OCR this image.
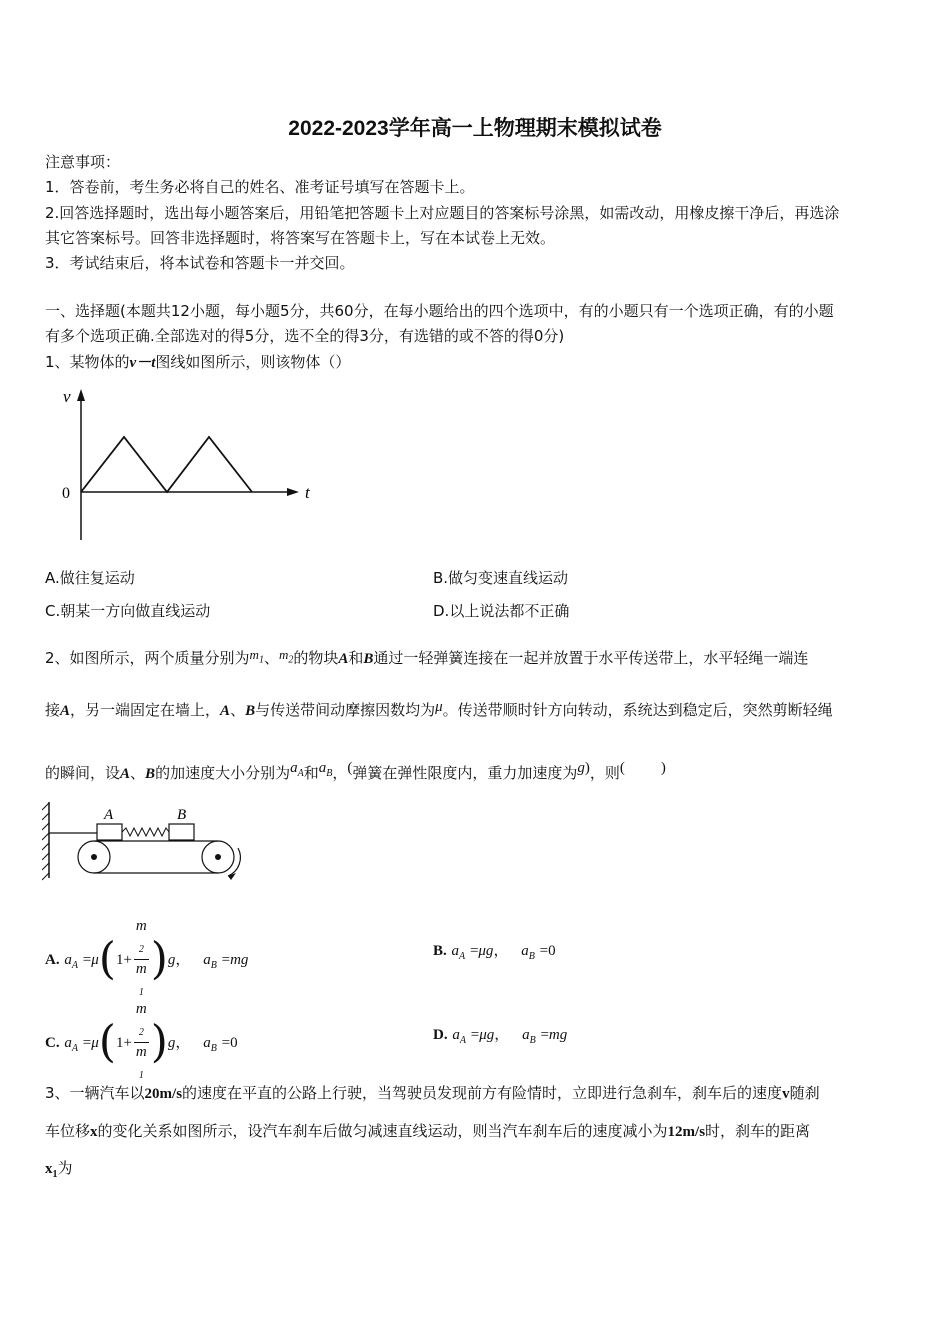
2022-2023学年高一上物理期末模拟试卷
注意事项：
1．答卷前，考生务必将自己的姓名、准考证号填写在答题卡上。
2.回答选择题时，选出每小题答案后，用铅笔把答题卡上对应题目的答案标号涂黑，如需改动，用橡皮擦干净后，再选涂
其它答案标号。回答非选择题时，将答案写在答题卡上，写在本试卷上无效。
3．考试结束后，将本试卷和答题卡一并交回。
一、选择题(本题共12小题，每小题5分，共60分，在每小题给出的四个选项中，有的小题只有一个选项正确，有的小题
有多个选项正确.全部选对的得5分，选不全的得3分，有选错的或不答的得0分)
1、某物体的v－t图线如图所示，则该物体（）
v
t
0
A.做往复运动	B.做匀变速直线运动
C.朝某一方向做直线运动	D.以上说法都不正确
2、如图所示，两个质量分别为$m_1$、$m_2$的物块A和B通过一轻弹簧连接在一起并放置于水平传送带上，水平轻绳一端连
接A，另一端固定在墙上，A、B与传送带间动摩擦因数均为μ。传送带顺时针方向转动，系统达到稳定后，突然剪断轻绳
的瞬间，设A、B的加速度大小分别为$a_A$和$a_B$，(弹簧在弹性限度内，重力加速度为g)，则( )
A	B
A. $a_A =\mu(1+ m$
$_2$
m
$_1$ )g， $a_B =mg$
B. $a_A =\mu g$， $a_B =0$
C. $a_A =\mu(1+ m$
$_2$
m
$_1$ )g， $a_B =0$	D. $a_A =\mu g$， $a_B =mg$
3、一辆汽车以20m/s的速度在平直的公路上行驶，当驾驶员发现前方有险情时，立即进行急刹车，刹车后的速度v随刹
车位移x的变化关系如图所示，设汽车刹车后做匀减速直线运动，则当汽车刹车后的速度减小为12m/s时，刹车的距离
$x_1$为
